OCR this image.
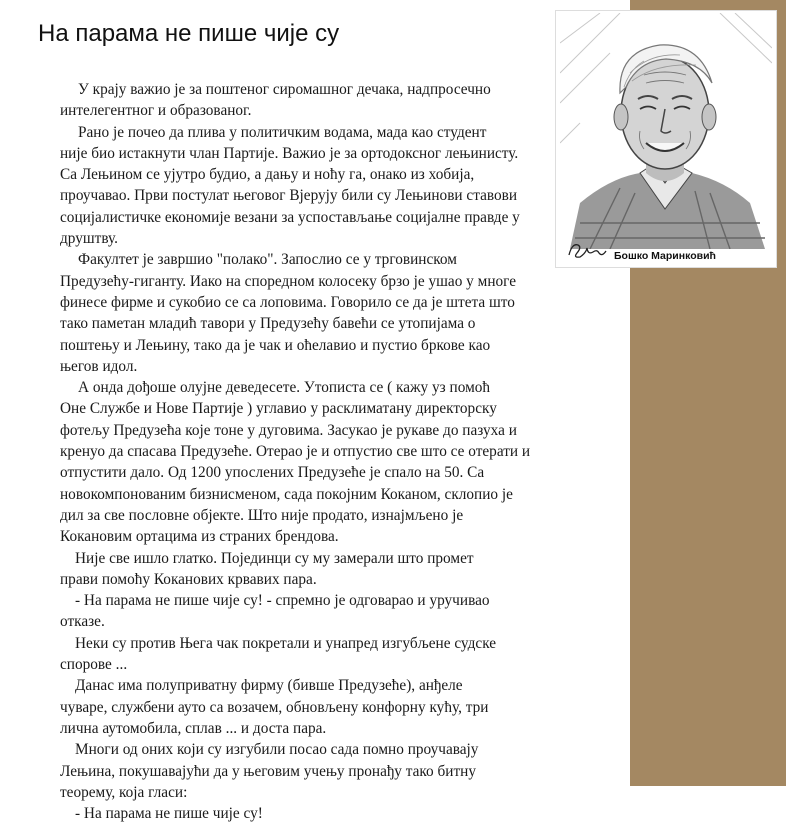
На парама не пише чије су

У крају важио је за поштеног сиромашног дечака, надпросечно

интелегентног и образованог.

Рано је почео да плива у политичким водама, мада као студент

није био истакнути члан Партије. Важио је за ортодоксног лењинисту.

Са Лењином се ујутро будио, а дању и ноћу га, онако из хобија,

проучавао. Први постулат његовог Вјерују били су Лењинови ставови

социјалистичке економије везани за успостављање социјалне правде у

друштву.

Факултет је завршио "полако". Запослио се у трговинском

Предузећу-гиганту. Иако на споредном колосеку брзо је ушао у многе

финесе фирме и сукобио се са лоповима. Говорило се да је штета што

тако паметан младић тавори у Предузећу бавећи се утопијама о

поштењу и Лењину, тако да је чак и оћелавио и пустио бркове као

његов идол.

А онда дођоше олујне деведесете. Утописта се ( кажу уз помоћ

Оне Службе и Нове Партије ) углавио у расклиматану директорску

фотељу Предузећа које тоне у дуговима. Засукао је рукаве до пазуха и

кренуо да спасава Предузеће. Отерао је и отпустио све што се отерати и

отпустити дало. Од 1200 упослених Предузеће је спало на 50. Са

новокомпонованим бизнисменом, сада покојним Коканом, склопио је

дил за све пословне објекте. Што није продато, изнајмљено је

Кокановим ортацима из страних брендова.

Није све ишло глатко. Појединци су му замерали што промет

прави помоћу Кокановиx крвавиx пара.

- На парама не пише чије су! - спремно је одговарао и уручивао

отказе.

Неки су против Њега чак покретали и унапред изгубљене судске

спорове ...

Данас има полуприватну фирму (бивше Предузеће), анђеле

чуваре, службени ауто са возачем, обновљену конфорну кућу, три

лична аутомобила, сплав ... и доста пара.

Многи од оних који су изгубили посао сада помно проучавају

Лењина, покушавајући да у његовим учењу пронађу тако битну

теорему, која гласи:

- На парама не пише чије су!

Бошко Маринковић
